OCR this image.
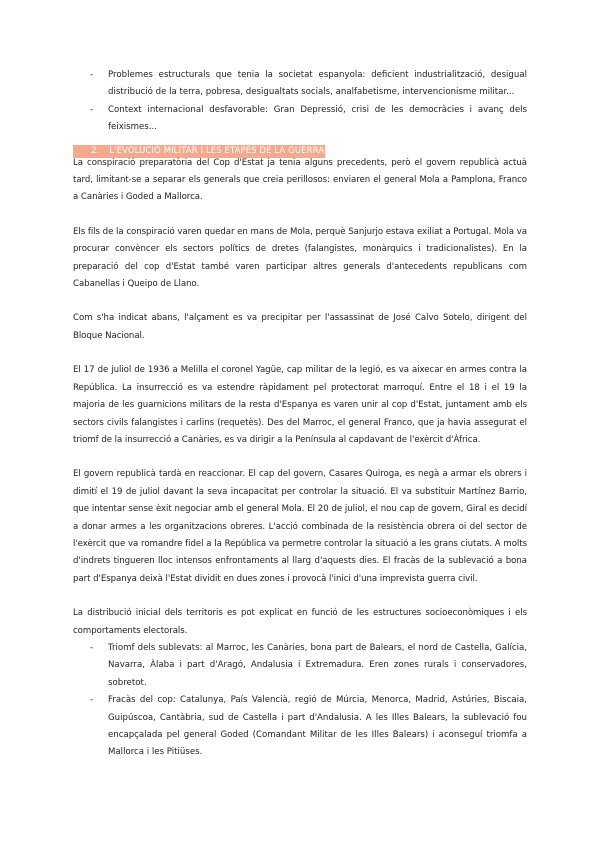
- Problemes estructurals que tenia la societat espanyola: deficient industrialització, desigual distribució de la terra, pobresa, desigualtats socials, analfabetisme, intervencionisme militar...
- Context internacional desfavorable: Gran Depressió, crisi de les democràcies i avanç dels feixismes...
2. L'EVOLUCIÓ MILITAR I LES ETAPES DE LA GUERRA

La conspiració preparatòria del Cop d'Estat ja tenia alguns precedents, però el govern republicà actuà tard, limitant-se a separar els generals que creia perillosos: enviaren el general Mola a Pamplona, Franco a Canàries i Goded a Mallorca.

Els fils de la conspiració varen quedar en mans de Mola, perquè Sanjurjo estava exiliat a Portugal. Mola va procurar convèncer els sectors polítics de dretes (falangistes, monàrquics i tradicionalistes). En la preparació del cop d'Estat també varen participar altres generals d'antecedents republicans com Cabanellas i Queipo de Llano.

Com s'ha indicat abans, l'alçament es va precipitar per l'assassinat de José Calvo Sotelo, dirigent del Bloque Nacional.

El 17 de juliol de 1936 a Melilla el coronel Yagüe, cap militar de la legió, es va aixecar en armes contra la República. La insurrecció es va estendre ràpidament pel protectorat marroquí. Entre el 18 i el 19 la majoria de les guarnicions militars de la resta d'Espanya es varen unir al cop d'Estat, juntament amb els sectors civils falangistes i carlins (requetès). Des del Marroc, el general Franco, que ja havia assegurat el triomf de la insurrecció a Canàries, es va dirigir a la Península al capdavant de l'exèrcit d'Àfrica.

El govern republicà tardà en reaccionar. El cap del govern, Casares Quiroga, es negà a armar els obrers i dimití el 19 de juliol davant la seva incapacitat per controlar la situació. El va substituir Martínez Barrio, que intentar sense èxit negociar amb el general Mola. El 20 de juliol, el nou cap de govern, Giral es decidí a donar armes a les organitzacions obreres. L'acció combinada de la resistència obrera oi del sector de l'exèrcit que va romandre fidel a la República va permetre controlar la situació a les grans ciutats. A molts d'indrets tingueren lloc intensos enfrontaments al llarg d'aquests dies. El fracàs de la sublevació a bona part d'Espanya deixà l'Estat dividit en dues zones i provocà l'inici d'una imprevista guerra civil.

La distribució inicial dels territoris es pot explicat en funció de les estructures socioeconòmiques i els comportaments electorals.

- Triomf dels sublevats: al Marroc, les Canàries, bona part de Balears, el nord de Castella, Galícia, Navarra, Àlaba i part d'Aragó, Andalusia i Extremadura. Eren zones rurals i conservadores, sobretot.
- Fracàs del cop: Catalunya, País Valencià, regió de Múrcia, Menorca, Madrid, Astúries, Biscaia, Guipúscoa, Cantàbria, sud de Castella i part d'Andalusia. A les Illes Balears, la sublevació fou encapçalada pel general Goded (Comandant Militar de les Illes Balears) i aconseguí triomfa a Mallorca i les Pitiüses.
